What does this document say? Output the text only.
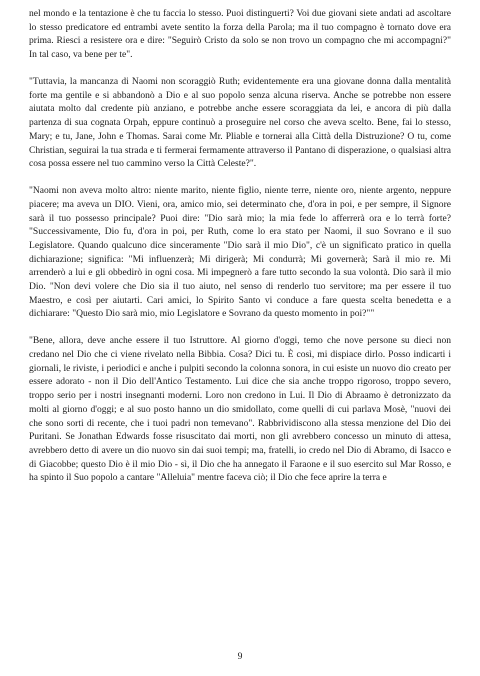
nel mondo e la tentazione è che tu faccia lo stesso. Puoi distinguerti? Voi due giovani siete andati ad ascoltare lo stesso predicatore ed entrambi avete sentito la forza della Parola; ma il tuo compagno è tornato dove era prima. Riesci a resistere ora e dire: "Seguirò Cristo da solo se non trovo un compagno che mi accompagni?" In tal caso, va bene per te".

"Tuttavia, la mancanza di Naomi non scoraggiò Ruth; evidentemente era una giovane donna dalla mentalità forte ma gentile e si abbandonò a Dio e al suo popolo senza alcuna riserva. Anche se potrebbe non essere aiutata molto dal credente più anziano, e potrebbe anche essere scoraggiata da lei, e ancora di più dalla partenza di sua cognata Orpah, eppure continuò a proseguire nel corso che aveva scelto. Bene, fai lo stesso, Mary; e tu, Jane, John e Thomas. Sarai come Mr. Pliable e tornerai alla Città della Distruzione? O tu, come Christian, seguirai la tua strada e ti fermerai fermamente attraverso il Pantano di disperazione, o qualsiasi altra cosa possa essere nel tuo cammino verso la Città Celeste?".

"Naomi non aveva molto altro: niente marito, niente figlio, niente terre, niente oro, niente argento, neppure piacere; ma aveva un DIO. Vieni, ora, amico mio, sei determinato che, d'ora in poi, e per sempre, il Signore sarà il tuo possesso principale? Puoi dire: "Dio sarà mio; la mia fede lo afferrerà ora e lo terrà forte? "Successivamente, Dio fu, d'ora in poi, per Ruth, come lo era stato per Naomi, il suo Sovrano e il suo Legislatore. Quando qualcuno dice sinceramente "Dio sarà il mio Dio", c'è un significato pratico in quella dichiarazione; significa: "Mi influenzerà; Mi dirigerà; Mi condurrà; Mi governerà; Sarà il mio re. Mi arrenderò a lui e gli obbedirò in ogni cosa. Mi impegnerò a fare tutto secondo la sua volontà. Dio sarà il mio Dio. "Non devi volere che Dio sia il tuo aiuto, nel senso di renderlo tuo servitore; ma per essere il tuo Maestro, e così per aiutarti. Cari amici, lo Spirito Santo vi conduce a fare questa scelta benedetta e a dichiarare: "Questo Dio sarà mio, mio Legislatore e Sovrano da questo momento in poi?""

"Bene, allora, deve anche essere il tuo Istruttore. Al giorno d'oggi, temo che nove persone su dieci non credano nel Dio che ci viene rivelato nella Bibbia. Cosa? Dici tu. È così, mi dispiace dirlo. Posso indicarti i giornali, le riviste, i periodici e anche i pulpiti secondo la colonna sonora, in cui esiste un nuovo dio creato per essere adorato - non il Dio dell'Antico Testamento. Lui dice che sia anche troppo rigoroso, troppo severo, troppo serio per i nostri insegnanti moderni. Loro non credono in Lui. Il Dio di Abraamo è detronizzato da molti al giorno d'oggi; e al suo posto hanno un dio smidollato, come quelli di cui parlava Mosè, "nuovi dei che sono sorti di recente, che i tuoi padri non temevano". Rabbrividiscono alla stessa menzione del Dio dei Puritani. Se Jonathan Edwards fosse risuscitato dai morti, non gli avrebbero concesso un minuto di attesa, avrebbero detto di avere un dio nuovo sin dai suoi tempi; ma, fratelli, io credo nel Dio di Abramo, di Isacco e di Giacobbe; questo Dio è il mio Dio - sì, il Dio che ha annegato il Faraone e il suo esercito sul Mar Rosso, e ha spinto il Suo popolo a cantare "Alleluia" mentre faceva ciò; il Dio che fece aprire la terra e

9
